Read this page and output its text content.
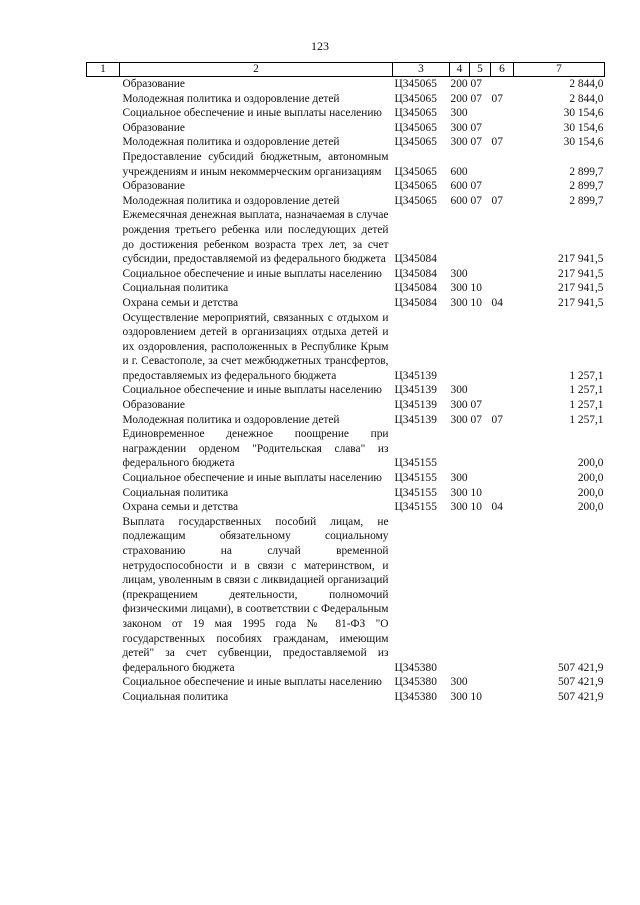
123
1	2	3	4	5	6	7
	Образование	Ц345065	200	07		2 844,0
	Молодежная политика и оздоровление детей	Ц345065	200	07	07	2 844,0
	Социальное обеспечение и иные выплаты населению	Ц345065	300			30 154,6
	Образование	Ц345065	300	07		30 154,6
	Молодежная политика и оздоровление детей	Ц345065	300	07	07	30 154,6
	Предоставление субсидий бюджетным, автономным учреждениям и иным некоммерческим организациям	Ц345065	600			2 899,7
	Образование	Ц345065	600	07		2 899,7
	Молодежная политика и оздоровление детей	Ц345065	600	07	07	2 899,7
	Ежемесячная денежная выплата, назначаемая в случае рождения третьего ребенка или последующих детей до достижения ребенком возраста трех лет, за счет субсидии, предоставляемой из федерального бюджета	Ц345084				217 941,5
	Социальное обеспечение и иные выплаты населению	Ц345084	300			217 941,5
	Социальная политика	Ц345084	300	10		217 941,5
	Охрана семьи и детства	Ц345084	300	10	04	217 941,5
	Осуществление мероприятий, связанных с отдыхом и оздоровлением детей в организациях отдыха детей и их оздоровления, расположенных в Республике Крым и г. Севастополе, за счет межбюджетных трансфертов, предоставляемых из федерального бюджета	Ц345139				1 257,1
	Социальное обеспечение и иные выплаты населению	Ц345139	300			1 257,1
	Образование	Ц345139	300	07		1 257,1
	Молодежная политика и оздоровление детей	Ц345139	300	07	07	1 257,1
	Единовременное денежное поощрение при награждении орденом "Родительская слава" из федерального бюджета	Ц345155				200,0
	Социальное обеспечение и иные выплаты населению	Ц345155	300			200,0
	Социальная политика	Ц345155	300	10		200,0
	Охрана семьи и детства	Ц345155	300	10	04	200,0
	Выплата государственных пособий лицам, не подлежащим обязательному социальному страхованию на случай временной нетрудоспособности и в связи с материнством, и лицам, уволенным в связи с ликвидацией организаций (прекращением деятельности, полномочий физическими лицами), в соответствии с Федеральным законом от 19 мая 1995 года № 81-ФЗ "О государственных пособиях гражданам, имеющим детей" за счет субвенции, предоставляемой из федерального бюджета	Ц345380				507 421,9
	Социальное обеспечение и иные выплаты населению	Ц345380	300			507 421,9
	Социальная политика	Ц345380	300	10		507 421,9
